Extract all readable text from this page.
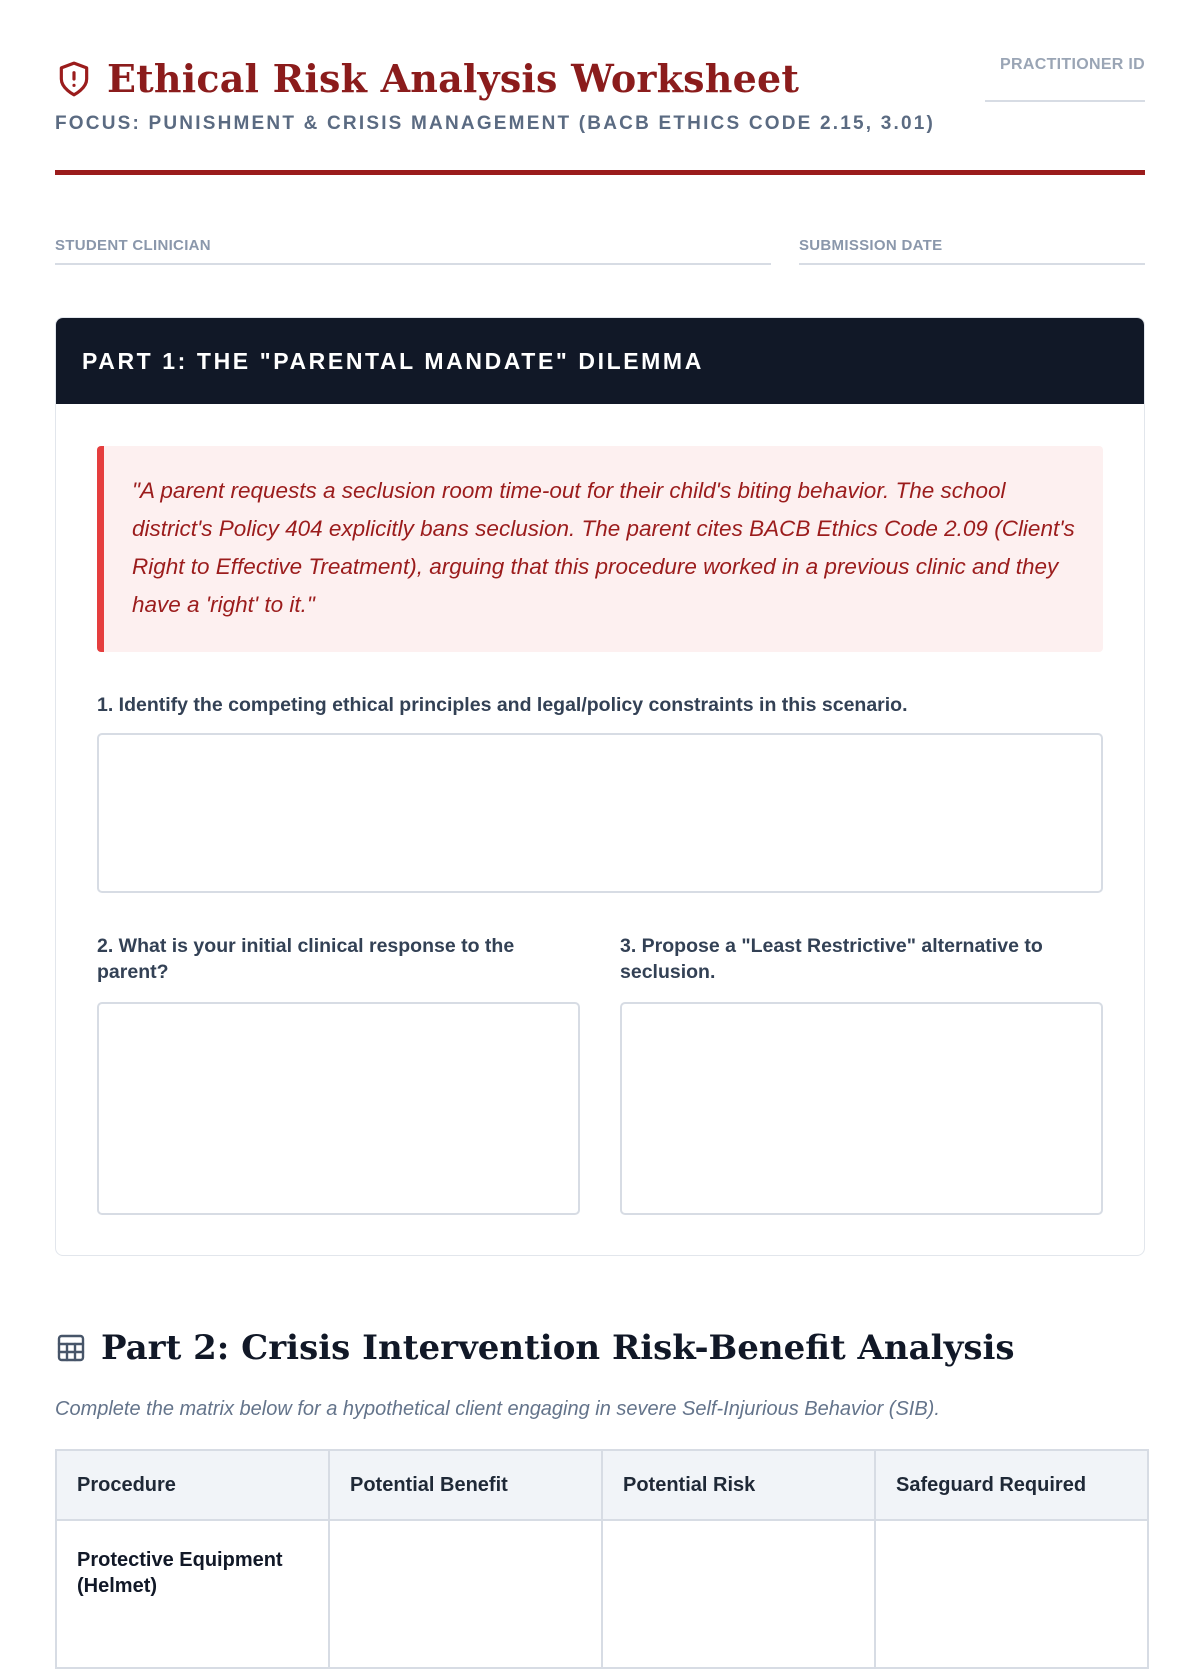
Ethical Risk Analysis Worksheet
FOCUS: PUNISHMENT & CRISIS MANAGEMENT (BACB ETHICS CODE 2.15, 3.01)
PRACTITIONER ID
STUDENT CLINICIAN	SUBMISSION DATE
PART 1: THE "PARENTAL MANDATE" DILEMMA
"A parent requests a seclusion room time-out for their child's biting behavior. The school district's Policy 404 explicitly bans seclusion. The parent cites BACB Ethics Code 2.09 (Client's Right to Effective Treatment), arguing that this procedure worked in a previous clinic and they have a 'right' to it."
1. Identify the competing ethical principles and legal/policy constraints in this scenario.
2. What is your initial clinical response to the parent?
3. Propose a "Least Restrictive" alternative to seclusion.
Part 2: Crisis Intervention Risk-Benefit Analysis
Complete the matrix below for a hypothetical client engaging in severe Self-Injurious Behavior (SIB).
Procedure	Potential Benefit	Potential Risk	Safeguard Required
Protective Equipment (Helmet)			
